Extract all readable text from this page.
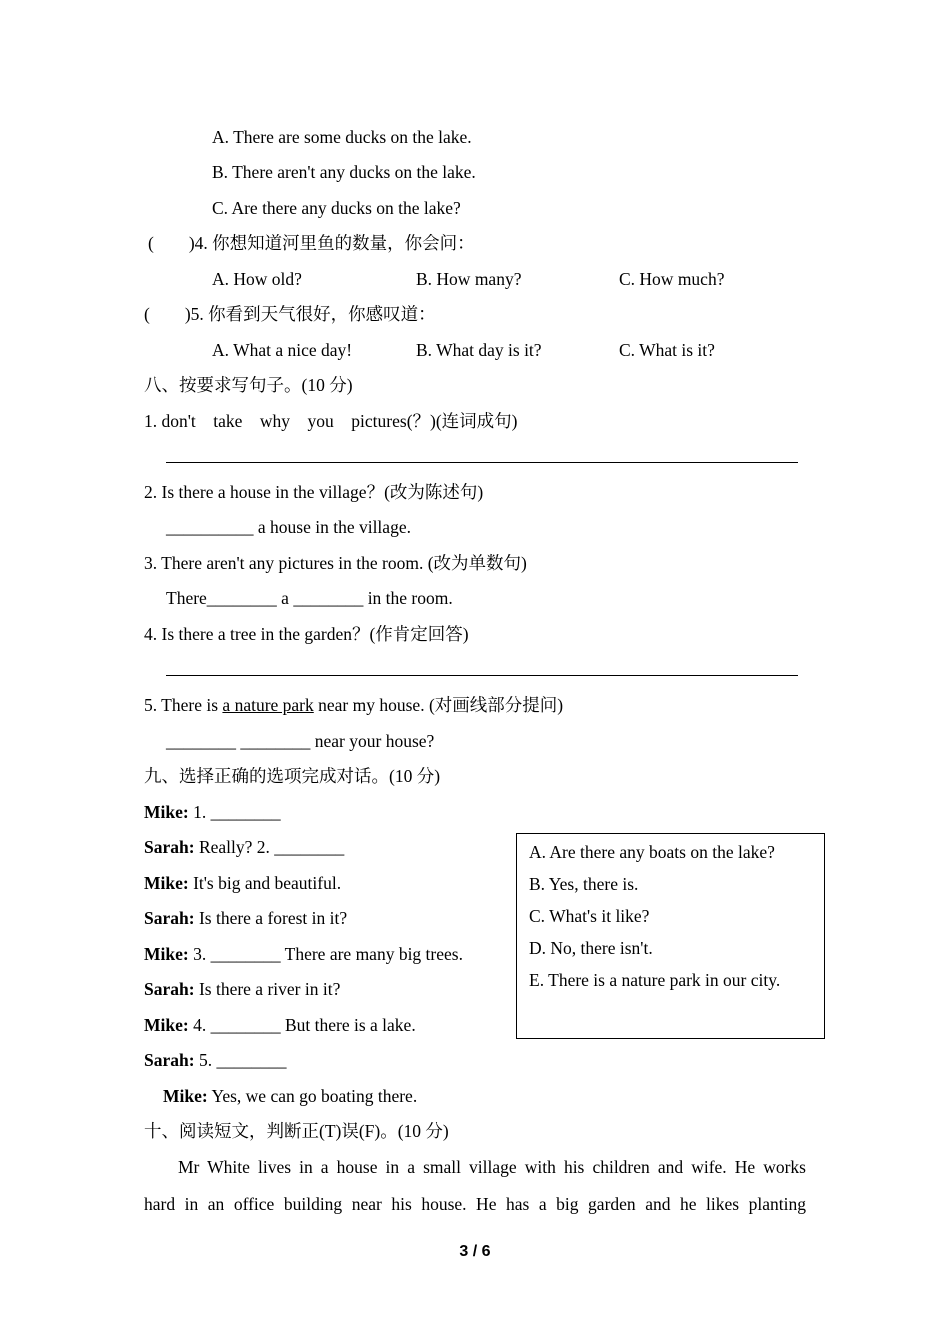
A. There are some ducks on the lake.
B. There aren't any ducks on the lake.
C. Are there any ducks on the lake?
(        )4. 你想知道河里鱼的数量，你会问：
A. How old?	B. How many?	C. How much?
(        )5. 你看到天气很好，你感叹道：
A. What a nice day!	B. What day is it?	C. What is it?
八、按要求写句子。(10 分)
1. don't    take    why    you    pictures(？)(连词成句)
2. Is there a house in the village？(改为陈述句)
__________ a house in the village.
3. There aren't any pictures in the room. (改为单数句)
There________ a ________ in the room.
4. Is there a tree in the garden？(作肯定回答)
5. There is a nature park near my house. (对画线部分提问)
________ ________ near your house?
九、选择正确的选项完成对话。(10 分)
Mike: 1. ________
Sarah: Really? 2. ________
Mike: It's big and beautiful.
Sarah: Is there a forest in it?
Mike: 3. ________ There are many big trees.
Sarah: Is there a river in it?
Mike: 4. ________ But there is a lake.
Sarah: 5. ________
Mike: Yes, we can go boating there.
A. Are there any boats on the lake?
B. Yes, there is.
C. What's it like?
D. No, there isn't.
E. There is a nature park in our city.
十、阅读短文，判断正(T)误(F)。(10 分)
Mr White lives in a house in a small village with his children and wife. He works
hard in an office building near his house. He has a big garden and he likes planting
3 / 6
